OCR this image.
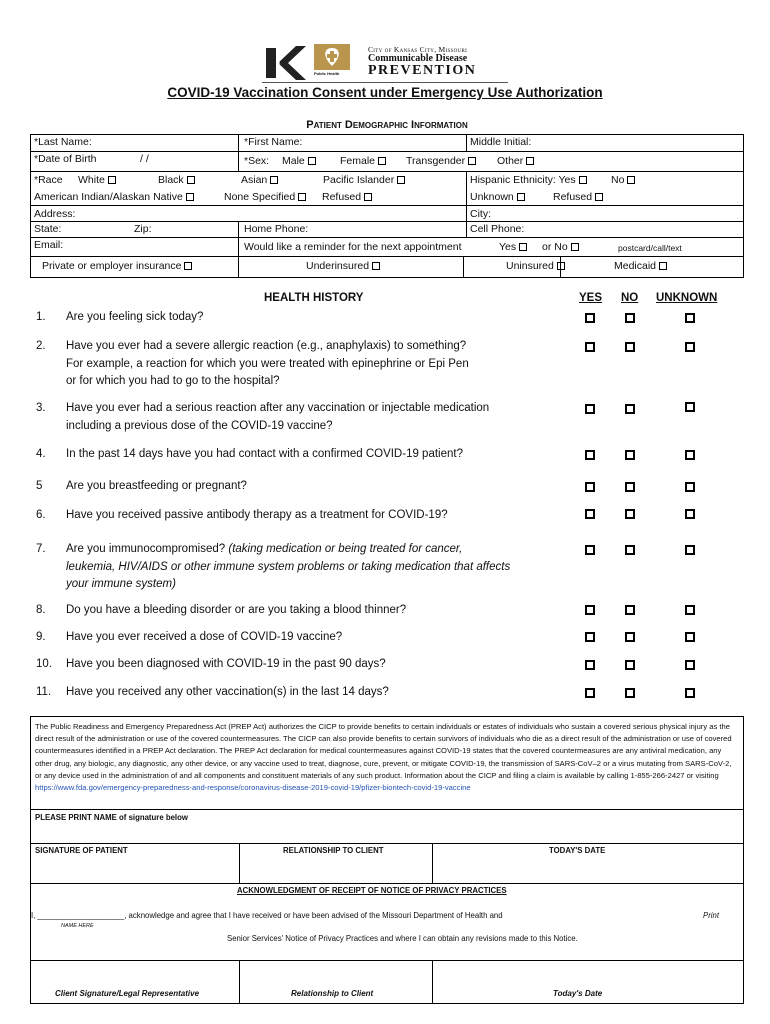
Public Health
City of Kansas City, Missouri
Communicable Disease
PREVENTION
COVID-19 Vaccination Consent under Emergency Use Authorization
Patient Demographic Information
*Last Name:	*First Name:	Middle Initial:
*Date of Birth	/ /	*Sex: Male	Female	Transgender	Other
*Race White	Black	Asian	Pacific Islander	Hispanic Ethnicity: Yes	No
American Indian/Alaskan Native	None Specified	Refused	Unknown	Refused
Address:	City:
State:	Zip:	Home Phone:	Cell Phone:
Email:	Would like a reminder for the next appointment	Yes	or No	postcard/call/text
Private or employer insurance	Underinsured	Uninsured	Medicaid
HEALTH HISTORY	YES NO UNKNOWN
1. Are you feeling sick today?
2. Have you ever had a severe allergic reaction (e.g., anaphylaxis) to something?
For example, a reaction for which you were treated with epinephrine or Epi Pen
or for which you had to go to the hospital?
3. Have you ever had a serious reaction after any vaccination or injectable medication
including a previous dose of the COVID-19 vaccine?
4. In the past 14 days have you had contact with a confirmed COVID-19 patient?
5 Are you breastfeeding or pregnant?
6. Have you received passive antibody therapy as a treatment for COVID-19?
7. Are you immunocompromised? (taking medication or being treated for cancer,
leukemia, HIV/AIDS or other immune system problems or taking medication that affects
your immune system)
8. Do you have a bleeding disorder or are you taking a blood thinner?
9. Have you ever received a dose of COVID-19 vaccine?
10. Have you been diagnosed with COVID-19 in the past 90 days?
11. Have you received any other vaccination(s) in the last 14 days?
The Public Readiness and Emergency Preparedness Act (PREP Act) authorizes the CICP to provide benefits to certain individuals or estates of individuals who sustain a covered serious physical injury as the direct result of the administration or use of the covered countermeasures. The CICP can also provide benefits to certain survivors of individuals who die as a direct result of the administration or use of covered countermeasures identified in a PREP Act declaration. The PREP Act declaration for medical countermeasures against COVID-19 states that the covered countermeasures are any antiviral medication, any other drug, any biologic, any diagnostic, any other device, or any vaccine used to treat, diagnose, cure, prevent, or mitigate COVID-19, the transmission of SARS-CoV–2 or a virus mutating from SARS-CoV-2, or any device used in the administration of and all components and constituent materials of any such product. Information about the CICP and filing a claim is available by calling 1-855-266-2427 or visiting https://www.fda.gov/emergency-preparedness-and-response/coronavirus-disease-2019-covid-19/pfizer-biontech-covid-19-vaccine
PLEASE PRINT NAME of signature below
SIGNATURE OF PATIENT	RELATIONSHIP TO CLIENT	TODAY'S DATE
ACKNOWLEDGMENT OF RECEIPT OF NOTICE OF PRIVACY PRACTICES
I, ____________________, acknowledge and agree that I have received or have been advised of the Missouri Department of Health and	Print
NAME HERE
Senior Services' Notice of Privacy Practices and where I can obtain any revisions made to this Notice.
Client Signature/Legal Representative	Relationship to Client	Today's Date
